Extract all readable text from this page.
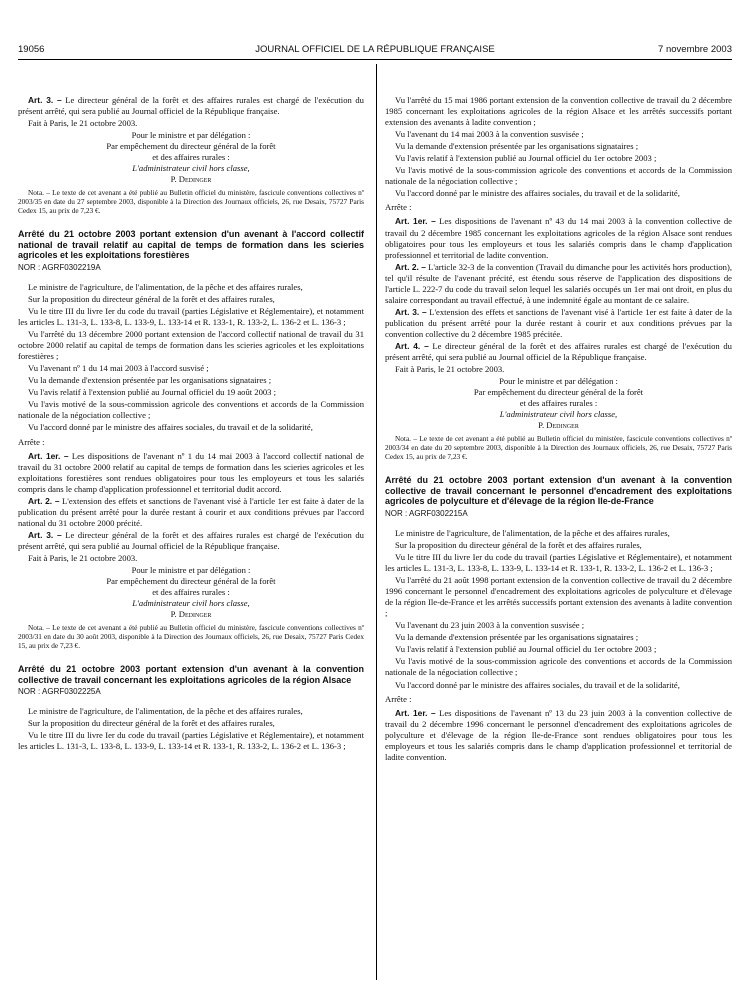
19056	JOURNAL OFFICIEL DE LA RÉPUBLIQUE FRANÇAISE	7 novembre 2003

Art. 3. – Le directeur général de la forêt et des affaires rurales est chargé de l'exécution du présent arrêté, qui sera publié au Journal officiel de la République française.

Fait à Paris, le 21 octobre 2003.

Pour le ministre et par délégation :
Par empêchement du directeur général de la forêt
et des affaires rurales :
L'administrateur civil hors classe,
P. Dedinger

Nota. – Le texte de cet avenant a été publié au Bulletin officiel du ministère, fascicule conventions collectives nº 2003/35 en date du 27 septembre 2003, disponible à la Direction des Journaux officiels, 26, rue Desaix, 75727 Paris Cedex 15, au prix de 7,23 €.

Arrêté du 21 octobre 2003 portant extension d'un avenant à l'accord collectif national de travail relatif au capital de temps de formation dans les scieries agricoles et les exploitations forestières

NOR : AGRF0302219A

Le ministre de l'agriculture, de l'alimentation, de la pêche et des affaires rurales,

Sur la proposition du directeur général de la forêt et des affaires rurales,

Vu le titre III du livre Ier du code du travail (parties Législative et Réglementaire), et notamment les articles L. 131-3, L. 133-8, L. 133-9, L. 133-14 et R. 133-1, R. 133-2, L. 136-2 et L. 136-3 ;

Vu l'arrêté du 13 décembre 2000 portant extension de l'accord collectif national de travail du 31 octobre 2000 relatif au capital de temps de formation dans les scieries agricoles et les exploitations forestières ;

Vu l'avenant nº 1 du 14 mai 2003 à l'accord susvisé ;

Vu la demande d'extension présentée par les organisations signataires ;

Vu l'avis relatif à l'extension publié au Journal officiel du 19 août 2003 ;

Vu l'avis motivé de la sous-commission agricole des conventions et accords de la Commission nationale de la négociation collective ;

Vu l'accord donné par le ministre des affaires sociales, du travail et de la solidarité,

Arrête :

Art. 1er. – Les dispositions de l'avenant nº 1 du 14 mai 2003 à l'accord collectif national de travail du 31 octobre 2000 relatif au capital de temps de formation dans les scieries agricoles et les exploitations forestières sont rendues obligatoires pour tous les employeurs et tous les salariés compris dans le champ d'application professionnel et territorial dudit accord.

Art. 2. – L'extension des effets et sanctions de l'avenant visé à l'article 1er est faite à dater de la publication du présent arrêté pour la durée restant à courir et aux conditions prévues par l'accord national du 31 octobre 2000 précité.

Art. 3. – Le directeur général de la forêt et des affaires rurales est chargé de l'exécution du présent arrêté, qui sera publié au Journal officiel de la République française.

Fait à Paris, le 21 octobre 2003.

Pour le ministre et par délégation :
Par empêchement du directeur général de la forêt
et des affaires rurales :
L'administrateur civil hors classe,
P. Dedinger

Nota. – Le texte de cet avenant a été publié au Bulletin officiel du ministère, fascicule conventions collectives nº 2003/31 en date du 30 août 2003, disponible à la Direction des Journaux officiels, 26, rue Desaix, 75727 Paris Cedex 15, au prix de 7,23 €.

Arrêté du 21 octobre 2003 portant extension d'un avenant à la convention collective de travail concernant les exploitations agricoles de la région Alsace

NOR : AGRF0302225A

Le ministre de l'agriculture, de l'alimentation, de la pêche et des affaires rurales,

Sur la proposition du directeur général de la forêt et des affaires rurales,

Vu le titre III du livre Ier du code du travail (parties Législative et Réglementaire), et notamment les articles L. 131-3, L. 133-8, L. 133-9, L. 133-14 et R. 133-1, R. 133-2, L. 136-2 et L. 136-3 ;

Vu l'arrêté du 15 mai 1986 portant extension de la convention collective de travail du 2 décembre 1985 concernant les exploitations agricoles de la région Alsace et les arrêtés successifs portant extension des avenants à ladite convention ;

Vu l'avenant du 14 mai 2003 à la convention susvisée ;

Vu la demande d'extension présentée par les organisations signataires ;

Vu l'avis relatif à l'extension publié au Journal officiel du 1er octobre 2003 ;

Vu l'avis motivé de la sous-commission agricole des conventions et accords de la Commission nationale de la négociation collective ;

Vu l'accord donné par le ministre des affaires sociales, du travail et de la solidarité,

Arrête :

Art. 1er. – Les dispositions de l'avenant nº 43 du 14 mai 2003 à la convention collective de travail du 2 décembre 1985 concernant les exploitations agricoles de la région Alsace sont rendues obligatoires pour tous les employeurs et tous les salariés compris dans le champ d'application professionnel et territorial de ladite convention.

Art. 2. – L'article 32-3 de la convention (Travail du dimanche pour les activités hors production), tel qu'il résulte de l'avenant précité, est étendu sous réserve de l'application des dispositions de l'article L. 222-7 du code du travail selon lequel les salariés occupés un 1er mai ont droit, en plus du salaire correspondant au travail effectué, à une indemnité égale au montant de ce salaire.

Art. 3. – L'extension des effets et sanctions de l'avenant visé à l'article 1er est faite à dater de la publication du présent arrêté pour la durée restant à courir et aux conditions prévues par la convention collective du 2 décembre 1985 précitée.

Art. 4. – Le directeur général de la forêt et des affaires rurales est chargé de l'exécution du présent arrêté, qui sera publié au Journal officiel de la République française.

Fait à Paris, le 21 octobre 2003.

Pour le ministre et par délégation :
Par empêchement du directeur général de la forêt
et des affaires rurales :
L'administrateur civil hors classe,
P. Dedinger

Nota. – Le texte de cet avenant a été publié au Bulletin officiel du ministère, fascicule conventions collectives nº 2003/34 en date du 20 septembre 2003, disponible à la Direction des Journaux officiels, 26, rue Desaix, 75727 Paris Cedex 15, au prix de 7,23 €.

Arrêté du 21 octobre 2003 portant extension d'un avenant à la convention collective de travail concernant le personnel d'encadrement des exploitations agricoles de polyculture et d'élevage de la région Ile-de-France

NOR : AGRF0302215A

Le ministre de l'agriculture, de l'alimentation, de la pêche et des affaires rurales,

Sur la proposition du directeur général de la forêt et des affaires rurales,

Vu le titre III du livre Ier du code du travail (parties Législative et Réglementaire), et notamment les articles L. 131-3, L. 133-8, L. 133-9, L. 133-14 et R. 133-1, R. 133-2, L. 136-2 et L. 136-3 ;

Vu l'arrêté du 21 août 1998 portant extension de la convention collective de travail du 2 décembre 1996 concernant le personnel d'encadrement des exploitations agricoles de polyculture et d'élevage de la région Ile-de-France et les arrêtés successifs portant extension des avenants à ladite convention ;

Vu l'avenant du 23 juin 2003 à la convention susvisée ;

Vu la demande d'extension présentée par les organisations signataires ;

Vu l'avis relatif à l'extension publié au Journal officiel du 1er octobre 2003 ;

Vu l'avis motivé de la sous-commission agricole des conventions et accords de la Commission nationale de la négociation collective ;

Vu l'accord donné par le ministre des affaires sociales, du travail et de la solidarité,

Arrête :

Art. 1er. – Les dispositions de l'avenant nº 13 du 23 juin 2003 à la convention collective de travail du 2 décembre 1996 concernant le personnel d'encadrement des exploitations agricoles de polyculture et d'élevage de la région Ile-de-France sont rendues obligatoires pour tous les employeurs et tous les salariés compris dans le champ d'application professionnel et territorial de ladite convention.
